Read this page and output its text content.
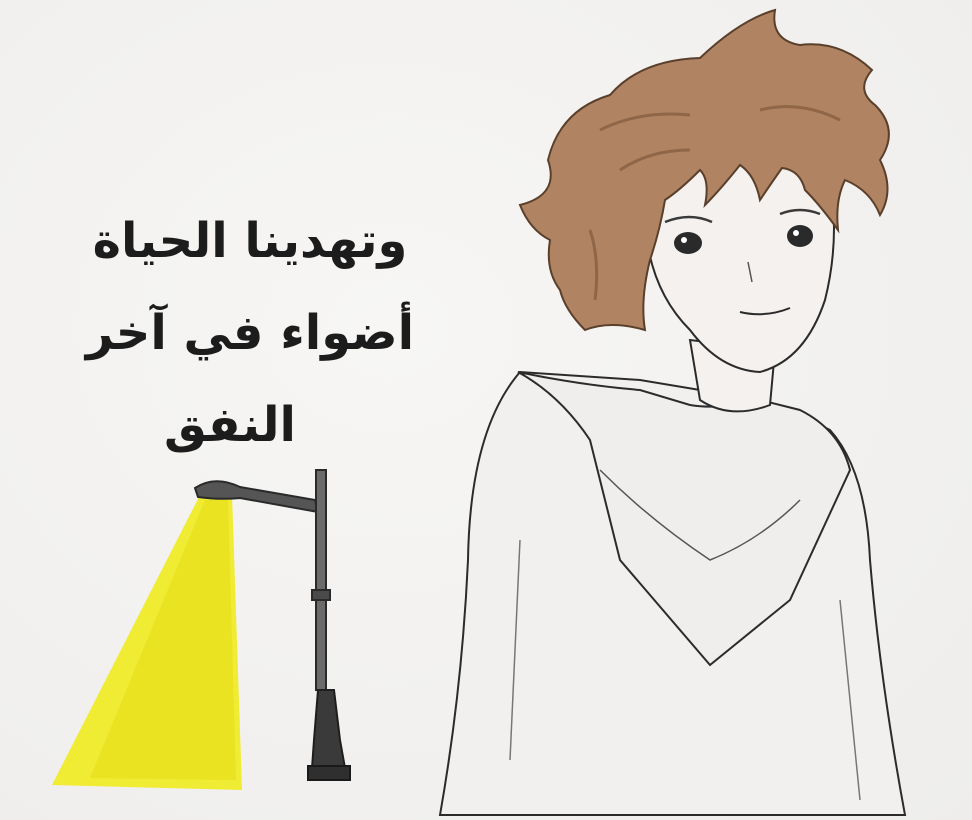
وتهدينا الحياة
أضواء في آخر
النفق
